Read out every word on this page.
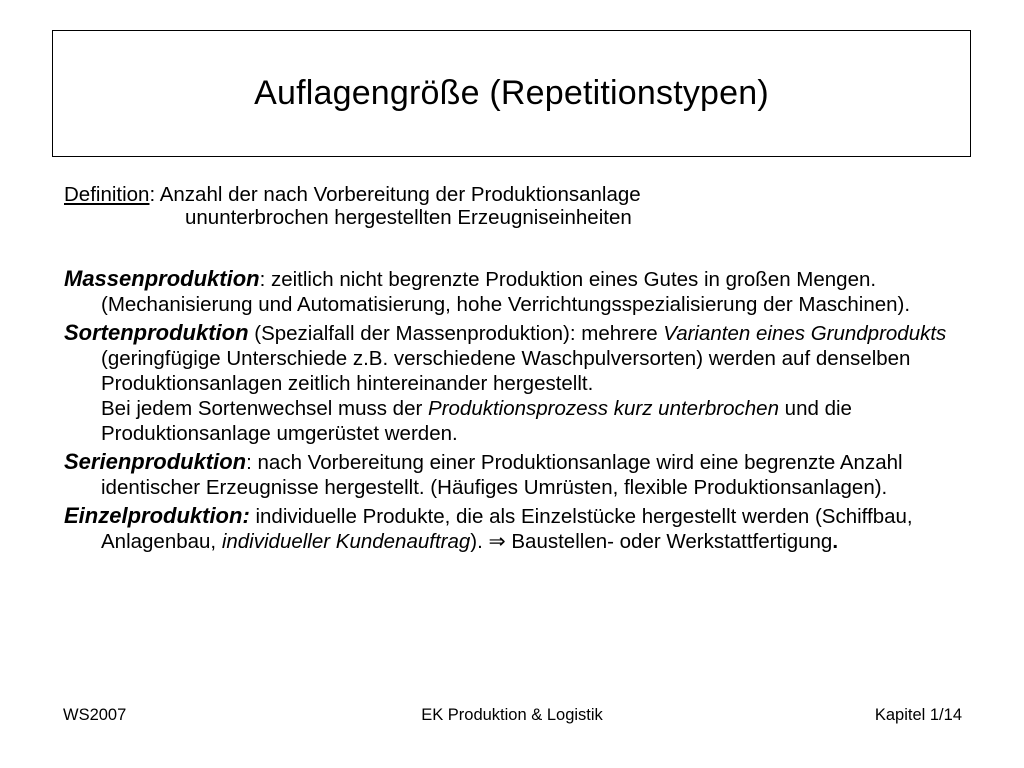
Auflagengröße (Repetitionstypen)
Definition: Anzahl der nach Vorbereitung der Produktionsanlage
ununterbrochen hergestellten Erzeugniseinheiten
Massenproduktion: zeitlich nicht begrenzte Produktion eines Gutes in großen Mengen. (Mechanisierung und Automatisierung, hohe Verrichtungsspezialisierung der Maschinen).
Sortenproduktion (Spezialfall der Massenproduktion): mehrere Varianten eines Grundprodukts (geringfügige Unterschiede z.B. verschiedene Waschpulversorten) werden auf denselben Produktionsanlagen zeitlich hintereinander hergestellt.
Bei jedem Sortenwechsel muss der Produktionsprozess kurz unterbrochen und die Produktionsanlage umgerüstet werden.
Serienproduktion: nach Vorbereitung einer Produktionsanlage wird eine begrenzte Anzahl identischer Erzeugnisse hergestellt. (Häufiges Umrüsten, flexible Produktionsanlagen).
Einzelproduktion: individuelle Produkte, die als Einzelstücke hergestellt werden (Schiffbau, Anlagenbau, individueller Kundenauftrag). ⇒ Baustellen- oder Werkstattfertigung.
WS2007	EK Produktion & Logistik	Kapitel 1/14
